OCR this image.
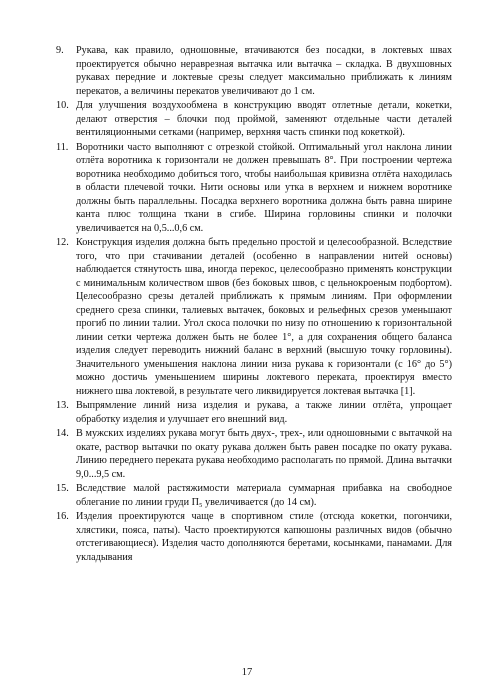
9. Рукава, как правило, одношовные, втачиваются без посадки, в локтевых швах проектируется обычно нераврезная вытачка или вытачка – складка. В двухшовных рукавах передние и локтевые срезы следует максимально приближать к линиям перекатов, а величины перекатов увеличивают до 1 см.

10. Для улучшения воздухообмена в конструкцию вводят отлетные детали, кокетки, делают отверстия – блочки под проймой, заменяют отдельные части деталей вентиляционными сетками (например, верхняя часть спинки под кокеткой).

11. Воротники часто выполняют с отрезкой стойкой. Оптимальный угол наклона линии отлёта воротника к горизонтали не должен превышать 8°. При построении чертежа воротника необходимо добиться того, чтобы наибольшая кривизна отлёта находилась в области плечевой точки. Нити основы или утка в верхнем и нижнем воротнике должны быть параллельны. Посадка верхнего воротника должна быть равна ширине канта плюс толщина ткани в сгибе. Ширина горловины спинки и полочки увеличивается на 0,5...0,6 см.

12. Конструкция изделия должна быть предельно простой и целесообразной. Вследствие того, что при стачивании деталей (особенно в направлении нитей основы) наблюдается стянутость шва, иногда перекос, целесообразно применять конструкции с минимальным количеством швов (без боковых швов, с цельнокроеным подбортом). Целесообразно срезы деталей приближать к прямым линиям. При оформлении среднего среза спинки, талиевых вытачек, боковых и рельефных срезов уменьшают прогиб по линии талии. Угол скоса полочки по низу по отношению к горизонтальной линии сетки чертежа должен быть не более 1°, а для сохранения общего баланса изделия следует переводить нижний баланс в верхний (высшую точку горловины). Значительного уменьшения наклона линии низа рукава к горизонтали (с 16° до 5°) можно достичь уменьшением ширины локтевого переката, проектируя вместо нижнего шва локтевой, в результате чего ликвидируется локтевая вытачка [1].

13. Выпрямление линий низа изделия и рукава, а также линии отлёта, упрощает обработку изделия и улучшает его внешний вид.

14. В мужских изделиях рукава могут быть двух-, трех-, или одношовными с вытачкой на окате, раствор вытачки по окату рукава должен быть равен посадке по окату рукава. Линию переднего переката рукава необходимо располагать по прямой. Длина вытачки 9,0...9,5 см.

15. Вследствие малой растяжимости материала суммарная прибавка на свободное облегание по линии груди П₅ увеличивается (до 14 см).

16. Изделия проектируются чаще в спортивном стиле (отсюда кокетки, погончики, хлястики, пояса, паты). Часто проектируются капюшоны различных видов (обычно отстегивающиеся). Изделия часто дополняются беретами, косынками, панамами. Для укладывания

17
